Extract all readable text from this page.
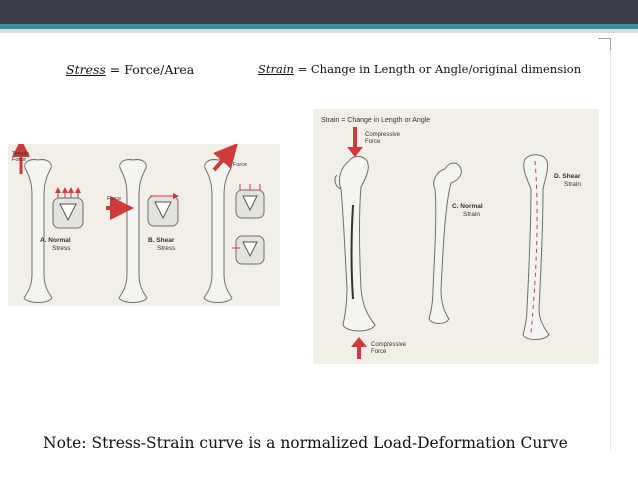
Stress = Force/Area	Strain = Change in Length or Angle/original dimension
Tensile
Force
A. Normal
Stress
Force
B. Shear
Stress
Force
Strain = Change in Length or Angle
Compressive
Force
Compressive
Force
C. Normal
Strain
D. Shear
Strain
Note: Stress-Strain curve is a normalized Load-Deformation Curve
